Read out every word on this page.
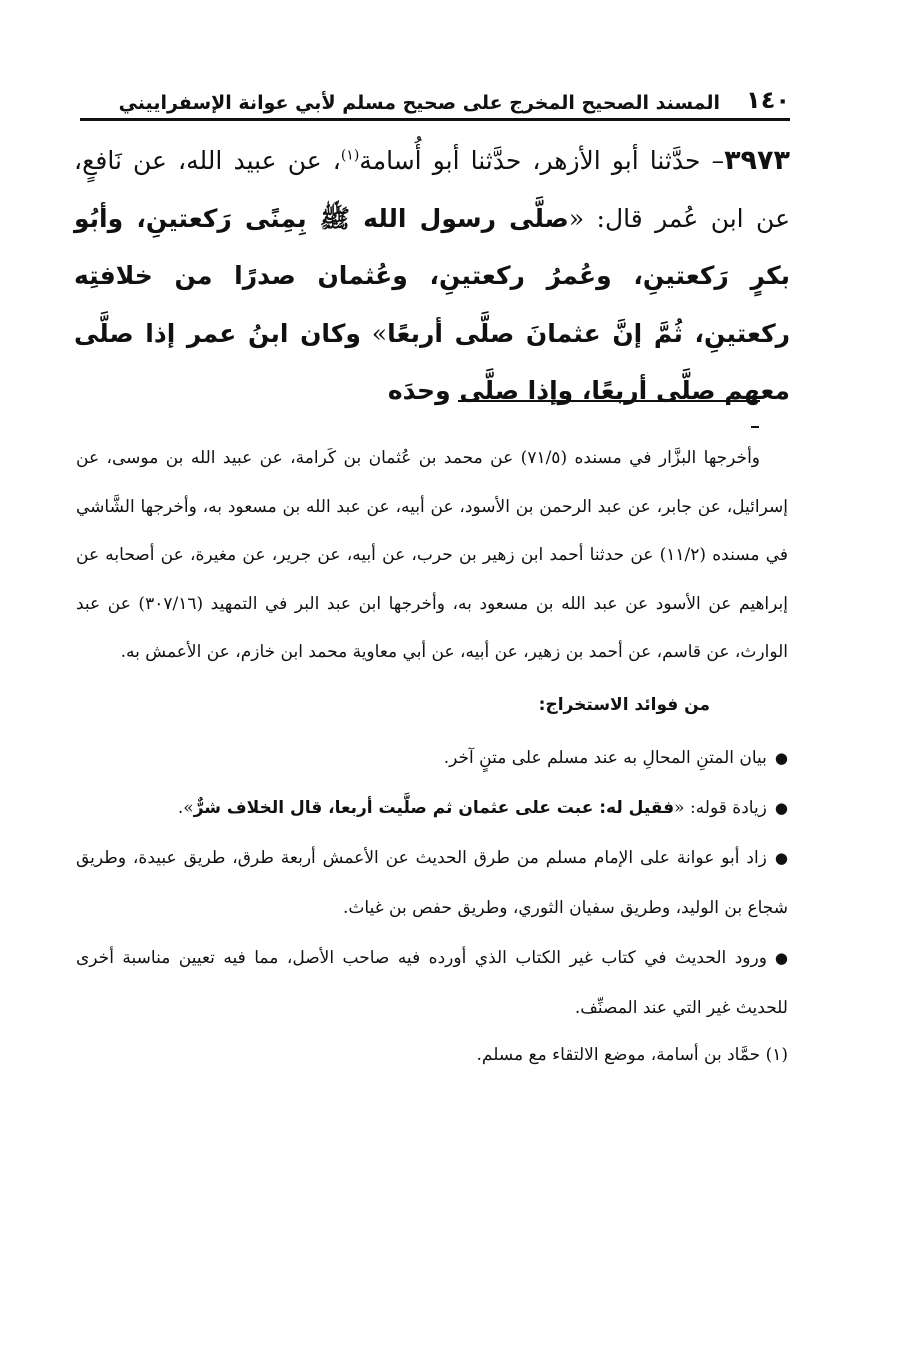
١٤٠
المسند الصحيح المخرج على صحيح مسلم لأبي عوانة الإسفراييني
٣٩٧٣– حدَّثنا أبو الأزهر، حدَّثنا أبو أُسامة$^{(١)}$، عن عبيد الله، عن نَافعٍ، عن ابن عُمر قال: «صلَّى رسول الله ﷺ بِمِنًى رَكعتينِ، وأبُو بكرٍ رَكعتينِ، وعُمرُ ركعتينِ، وعُثمان صدرًا من خلافتِه ركعتينِ، ثُمَّ إنَّ عثمانَ صلَّى أربعًا» وكان ابنُ عمر إذا صلَّى معهم صلَّى أربعًا، وإذا صلَّى وحدَه

وأخرجها البزَّار في مسنده (٧١/٥) عن محمد بن عُثمان بن كَرامة، عن عبيد الله بن موسى، عن إسرائيل، عن جابر، عن عبد الرحمن بن الأسود، عن أبيه، عن عبد الله بن مسعود به، وأخرجها الشَّاشي في مسنده (١١/٢) عن حدثنا أحمد ابن زهير بن حرب، عن أبيه، عن جرير، عن مغيرة، عن أصحابه عن إبراهيم عن الأسود عن عبد الله بن مسعود به، وأخرجها ابن عبد البر في التمهيد (٣٠٧/١٦) عن عبد الوارث، عن قاسم، عن أحمد بن زهير، عن أبيه، عن أبي معاوية محمد ابن خازم، عن الأعمش به.

من فوائد الاستخراج:

●بيان المتنِ المحالِ به عند مسلم على متنٍ آخر.

●زيادة قوله: «فقيل له: عبت على عثمان ثم صلَّيت أربعا، قال الخلاف شرٌّ».

●زاد أبو عوانة على الإمام مسلم من طرق الحديث عن الأعمش أربعة طرق، طريق عبيدة، وطريق شجاع بن الوليد، وطريق سفيان الثوري، وطريق حفص بن غياث.

●ورود الحديث في كتاب غير الكتاب الذي أورده فيه صاحب الأصل، مما فيه تعيين مناسبة أخرى للحديث غير التي عند المصنِّف.

(١) حمَّاد بن أسامة، موضع الالتقاء مع مسلم.
